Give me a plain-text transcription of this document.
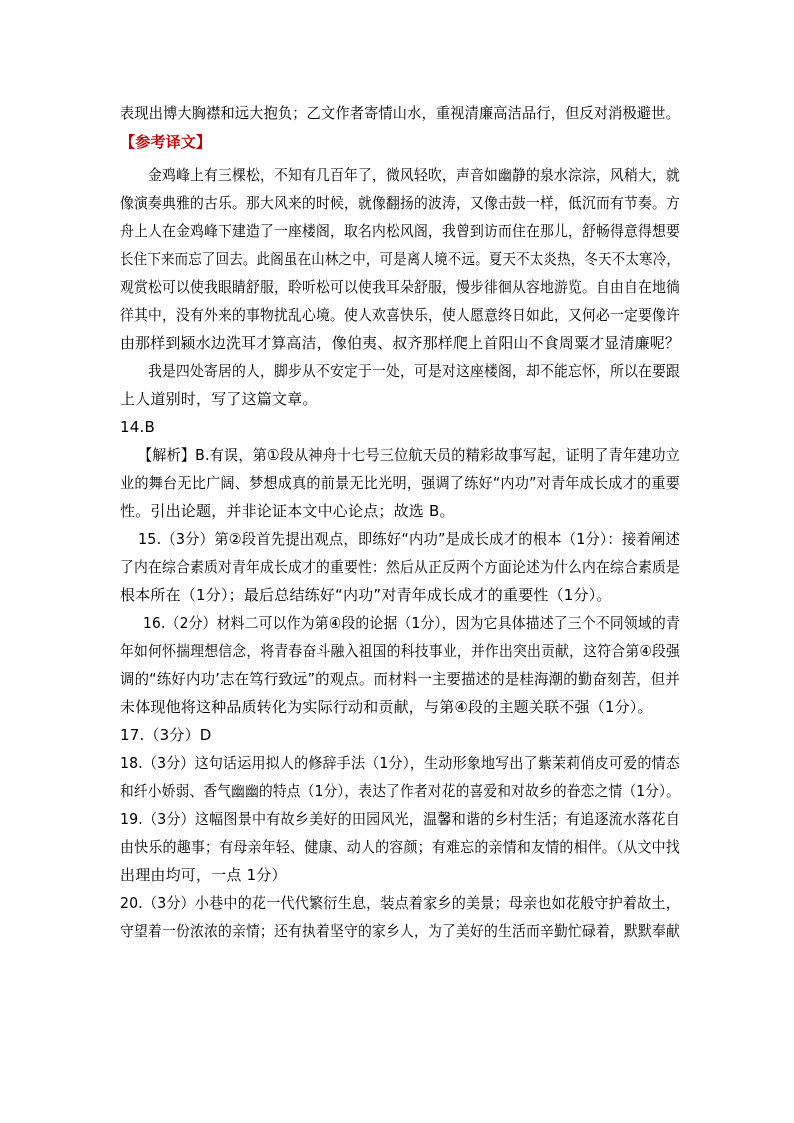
表现出博大胸襟和远大抱负；乙文作者寄情山水，重视清廉高洁品行，但反对消极避世。
【参考译文】
金鸡峰上有三棵松，不知有几百年了，微风轻吹，声音如幽静的泉水淙淙，风稍大，就
像演奏典雅的古乐。那大风来的时候，就像翻扬的波涛，又像击鼓一样，低沉而有节奏。方
舟上人在金鸡峰下建造了一座楼阁，取名内松风阁，我曾到访而住在那儿，舒畅得意得想要
长住下来而忘了回去。此阁虽在山林之中，可是离人境不远。夏天不太炎热，冬天不太寒冷，
观赏松可以使我眼睛舒服，聆听松可以使我耳朵舒服，慢步徘徊从容地游览。自由自在地徜
徉其中，没有外来的事物扰乱心境。使人欢喜快乐，使人愿意终日如此，又何必一定要像许
由那样到颍水边洗耳才算高洁，像伯夷、叔齐那样爬上首阳山不食周粟才显清廉呢？
我是四处寄居的人，脚步从不安定于一处，可是对这座楼阁，却不能忘怀，所以在要跟
上人道别时，写了这篇文章。
14.B
【解析】B.有误，第①段从神舟十七号三位航天员的精彩故事写起，证明了青年建功立
业的舞台无比广阔、梦想成真的前景无比光明，强调了练好“内功”对青年成长成才的重要
性。引出论题，并非论证本文中心论点；故选 B。
15.（3分）第②段首先提出观点，即练好“内功”是成长成才的根本（1分）：接着阐述
了内在综合素质对青年成长成才的重要性：然后从正反两个方面论述为什么内在综合素质是
根本所在（1分）；最后总结练好“内功”对青年成长成才的重要性（1分）。
16.（2分）材料二可以作为第④段的论据（1分），因为它具体描述了三个不同领域的青
年如何怀揣理想信念，将青春奋斗融入祖国的科技事业，并作出突出贡献，这符合第④段强
调的“练好内功’志在笃行致远”的观点。而材料一主要描述的是桂海潮的勤奋刻苦，但并
未体现他将这种品质转化为实际行动和贡献，与第④段的主题关联不强（1分）。
17.（3分）D
18.（3分）这句话运用拟人的修辞手法（1分），生动形象地写出了紫茉莉俏皮可爱的情态
和纤小娇弱、香气幽幽的特点（1分），表达了作者对花的喜爱和对故乡的眷恋之情（1分）。
19.（3分）这幅图景中有故乡美好的田园风光，温馨和谐的乡村生活；有追逐流水落花自
由快乐的趣事；有母亲年轻、健康、动人的容颜；有难忘的亲情和友情的相伴。（从文中找
出理由均可，一点 1分）
20.（3分）小巷中的花一代代繁衍生息，装点着家乡的美景；母亲也如花般守护着故土，
守望着一份浓浓的亲情；还有执着坚守的家乡人，为了美好的生活而辛勤忙碌着，默默奉献
